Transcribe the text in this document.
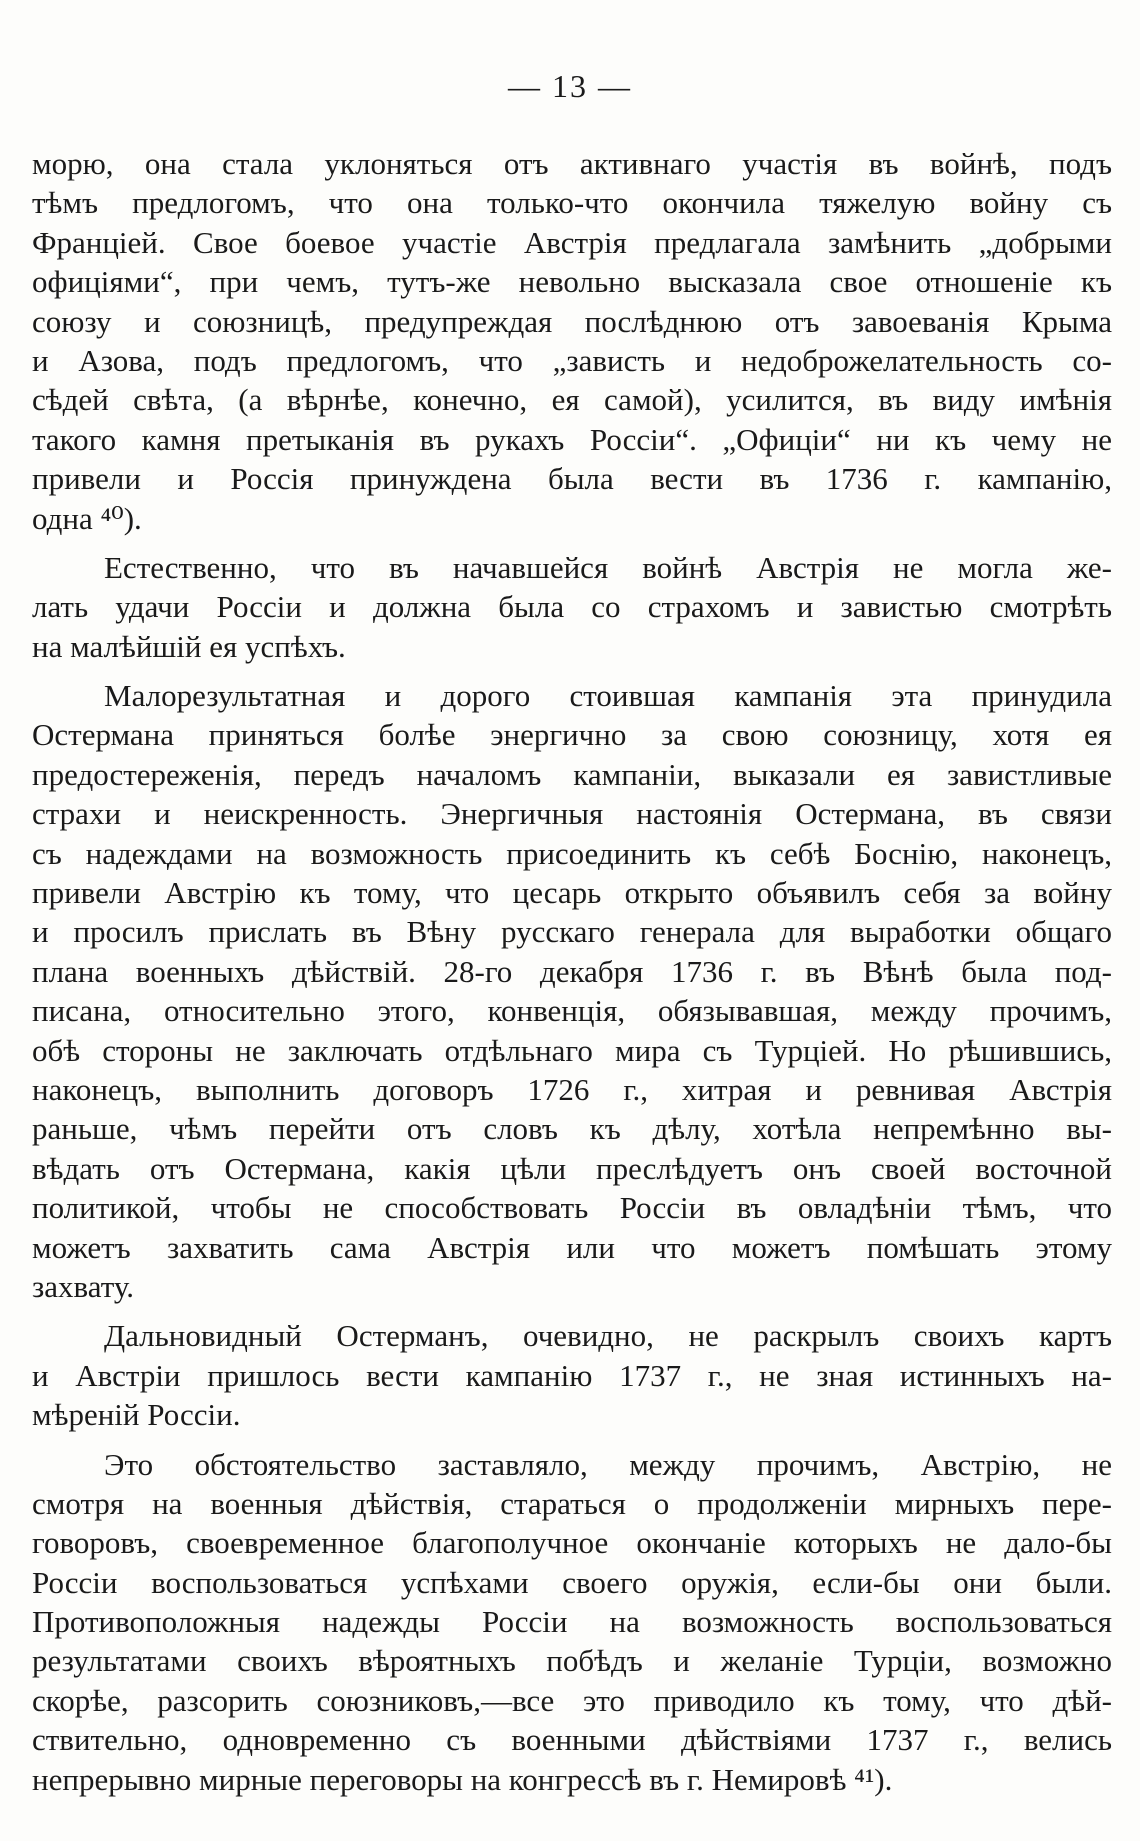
— 13 —
морю, она стала уклоняться отъ активнаго участія въ войнѣ, подъ
тѣмъ предлогомъ, что она только-что окончила тяжелую войну съ
Франціей. Свое боевое участіе Австрія предлагала замѣнить „добрыми
офиціями“, при чемъ, тутъ-же невольно высказала свое отношеніе къ
союзу и союзницѣ, предупреждая послѣднюю отъ завоеванія Крыма
и Азова, подъ предлогомъ, что „зависть и недоброжелательность со-
сѣдей свѣта, (а вѣрнѣе, конечно, ея самой), усилится, въ виду имѣнія
такого камня претыканія въ рукахъ Россіи“. „Офиціи“ ни къ чему не
привели и Россія принуждена была вести въ 1736 г. кампанію,
одна ⁴⁰).
Естественно, что въ начавшейся войнѣ Австрія не могла же-
лать удачи Россіи и должна была со страхомъ и завистью смотрѣть
на малѣйшій ея успѣхъ.
Малорезультатная и дорого стоившая кампанія эта принудила
Остермана приняться болѣе энергично за свою союзницу, хотя ея
предостереженія, передъ началомъ кампаніи, выказали ея завистливые
страхи и неискренность. Энергичныя настоянія Остермана, въ связи
съ надеждами на возможность присоединить къ себѣ Боснію, наконецъ,
привели Австрію къ тому, что цесарь открыто объявилъ себя за войну
и просилъ прислать въ Вѣну русскаго генерала для выработки общаго
плана военныхъ дѣйствій. 28-го декабря 1736 г. въ Вѣнѣ была под-
писана, относительно этого, конвенція, обязывавшая, между прочимъ,
обѣ стороны не заключать отдѣльнаго мира съ Турціей. Но рѣшившись,
наконецъ, выполнить договоръ 1726 г., хитрая и ревнивая Австрія
раньше, чѣмъ перейти отъ словъ къ дѣлу, хотѣла непремѣнно вы-
вѣдать отъ Остермана, какія цѣли преслѣдуетъ онъ своей восточной
политикой, чтобы не способствовать Россіи въ овладѣніи тѣмъ, что
можетъ захватить сама Австрія или что можетъ помѣшать этому
захвату.
Дальновидный Остерманъ, очевидно, не раскрылъ своихъ картъ
и Австріи пришлось вести кампанію 1737 г., не зная истинныхъ на-
мѣреній Россіи.
Это обстоятельство заставляло, между прочимъ, Австрію, не
смотря на военныя дѣйствія, стараться о продолженіи мирныхъ пере-
говоровъ, своевременное благополучное окончаніе которыхъ не дало-бы
Россіи воспользоваться успѣхами своего оружія, если-бы они были.
Противоположныя надежды Россіи на возможность воспользоваться
результатами своихъ вѣроятныхъ побѣдъ и желаніе Турціи, возможно
скорѣе, разсорить союзниковъ,—все это приводило къ тому, что дѣй-
ствительно, одновременно съ военными дѣйствіями 1737 г., велись
непрерывно мирные переговоры на конгрессѣ въ г. Немировѣ ⁴¹).
